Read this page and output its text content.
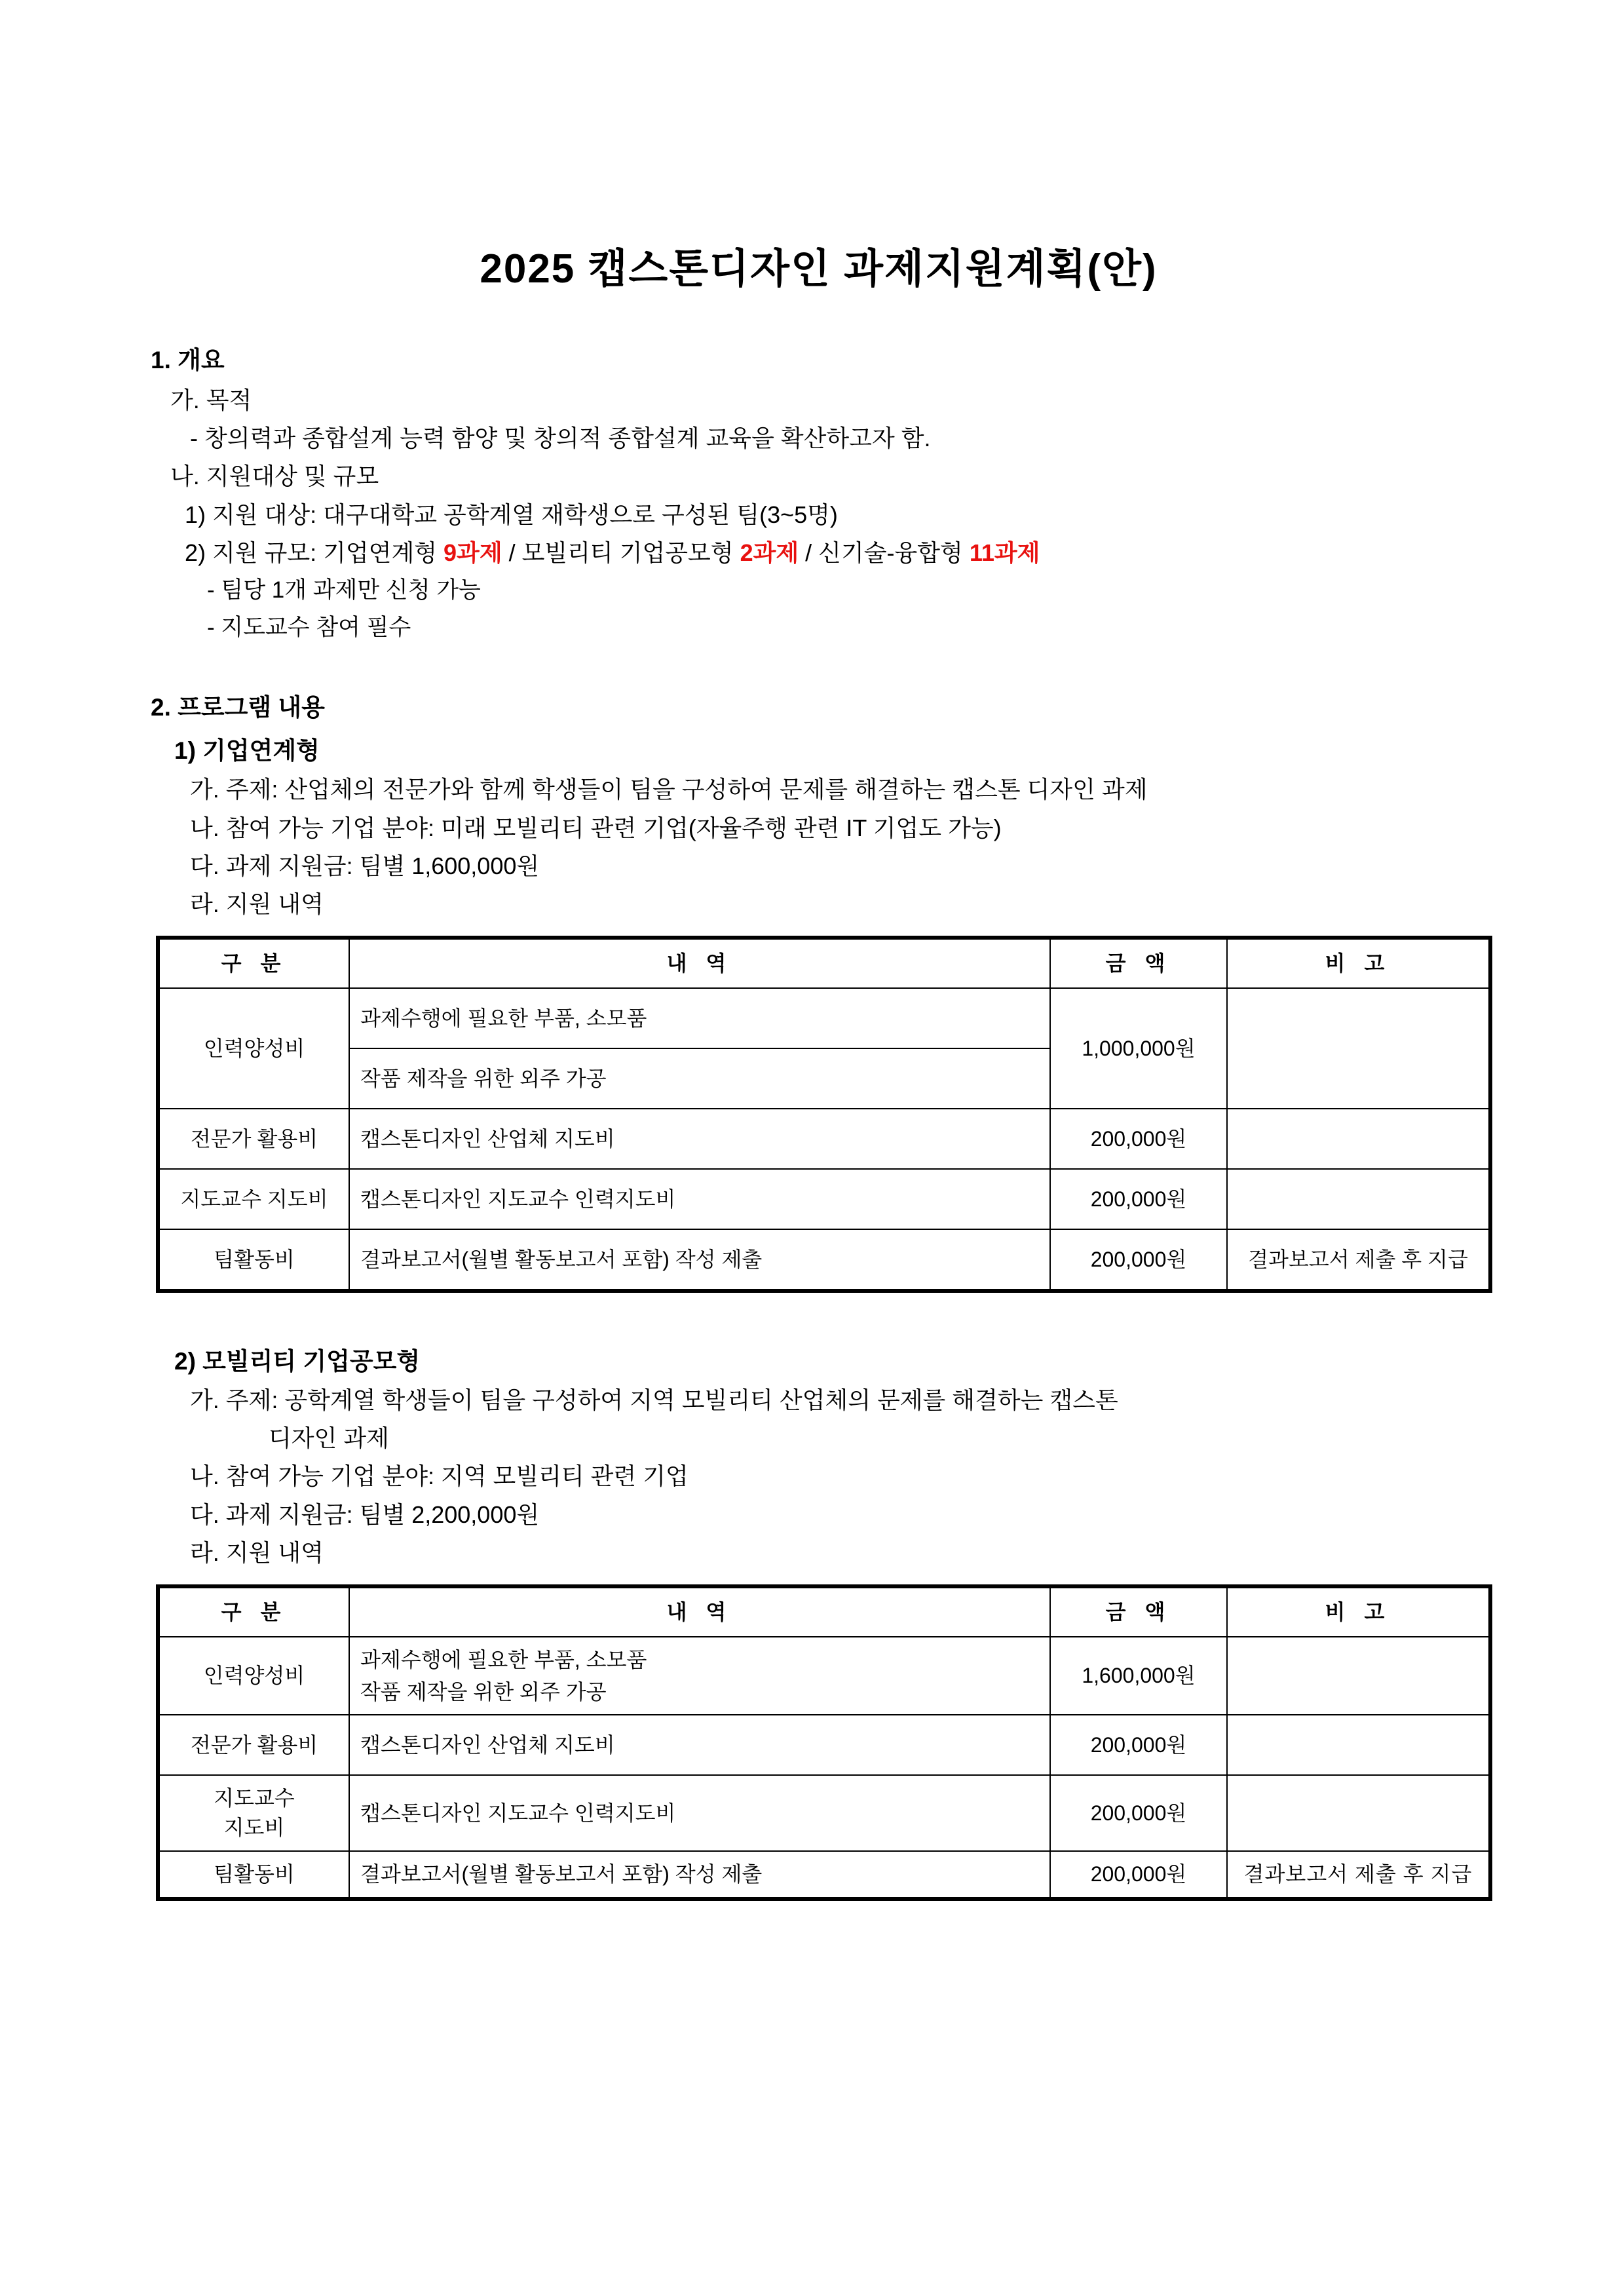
2025 캡스톤디자인 과제지원계획(안)
1. 개요
가. 목적
- 창의력과 종합설계 능력 함양 및 창의적 종합설계 교육을 확산하고자 함.
나. 지원대상 및 규모
1) 지원 대상: 대구대학교 공학계열 재학생으로 구성된 팀(3~5명)
2) 지원 규모: 기업연계형 9과제 / 모빌리티 기업공모형 2과제 / 신기술-융합형 11과제
- 팀당 1개 과제만 신청 가능
- 지도교수 참여 필수
2. 프로그램 내용
1) 기업연계형
가. 주제: 산업체의 전문가와 함께 학생들이 팀을 구성하여 문제를 해결하는 캡스톤 디자인 과제
나. 참여 가능 기업 분야: 미래 모빌리티 관련 기업(자율주행 관련 IT 기업도 가능)
다. 과제 지원금: 팀별 1,600,000원
라. 지원 내역
구 분	내 역	금 액	비 고
인력양성비	과제수행에 필요한 부품, 소모품	1,000,000원	
	작품 제작을 위한 외주 가공		
전문가 활용비	캡스톤디자인 산업체 지도비	200,000원	
지도교수 지도비	캡스톤디자인 지도교수 인력지도비	200,000원	
팀활동비	결과보고서(월별 활동보고서 포함) 작성 제출	200,000원	결과보고서 제출 후 지급
2) 모빌리티 기업공모형
가. 주제: 공학계열 학생들이 팀을 구성하여 지역 모빌리티 산업체의 문제를 해결하는 캡스톤
디자인 과제
나. 참여 가능 기업 분야: 지역 모빌리티 관련 기업
다. 과제 지원금: 팀별 2,200,000원
라. 지원 내역
구 분	내 역	금 액	비 고
인력양성비	과제수행에 필요한 부품, 소모품	1,600,000원	
	작품 제작을 위한 외주 가공		
전문가 활용비	캡스톤디자인 산업체 지도비	200,000원	
지도교수
지도비	캡스톤디자인 지도교수 인력지도비	200,000원	
팀활동비	결과보고서(월별 활동보고서 포함) 작성 제출	200,000원	결과보고서 제출 후 지급
